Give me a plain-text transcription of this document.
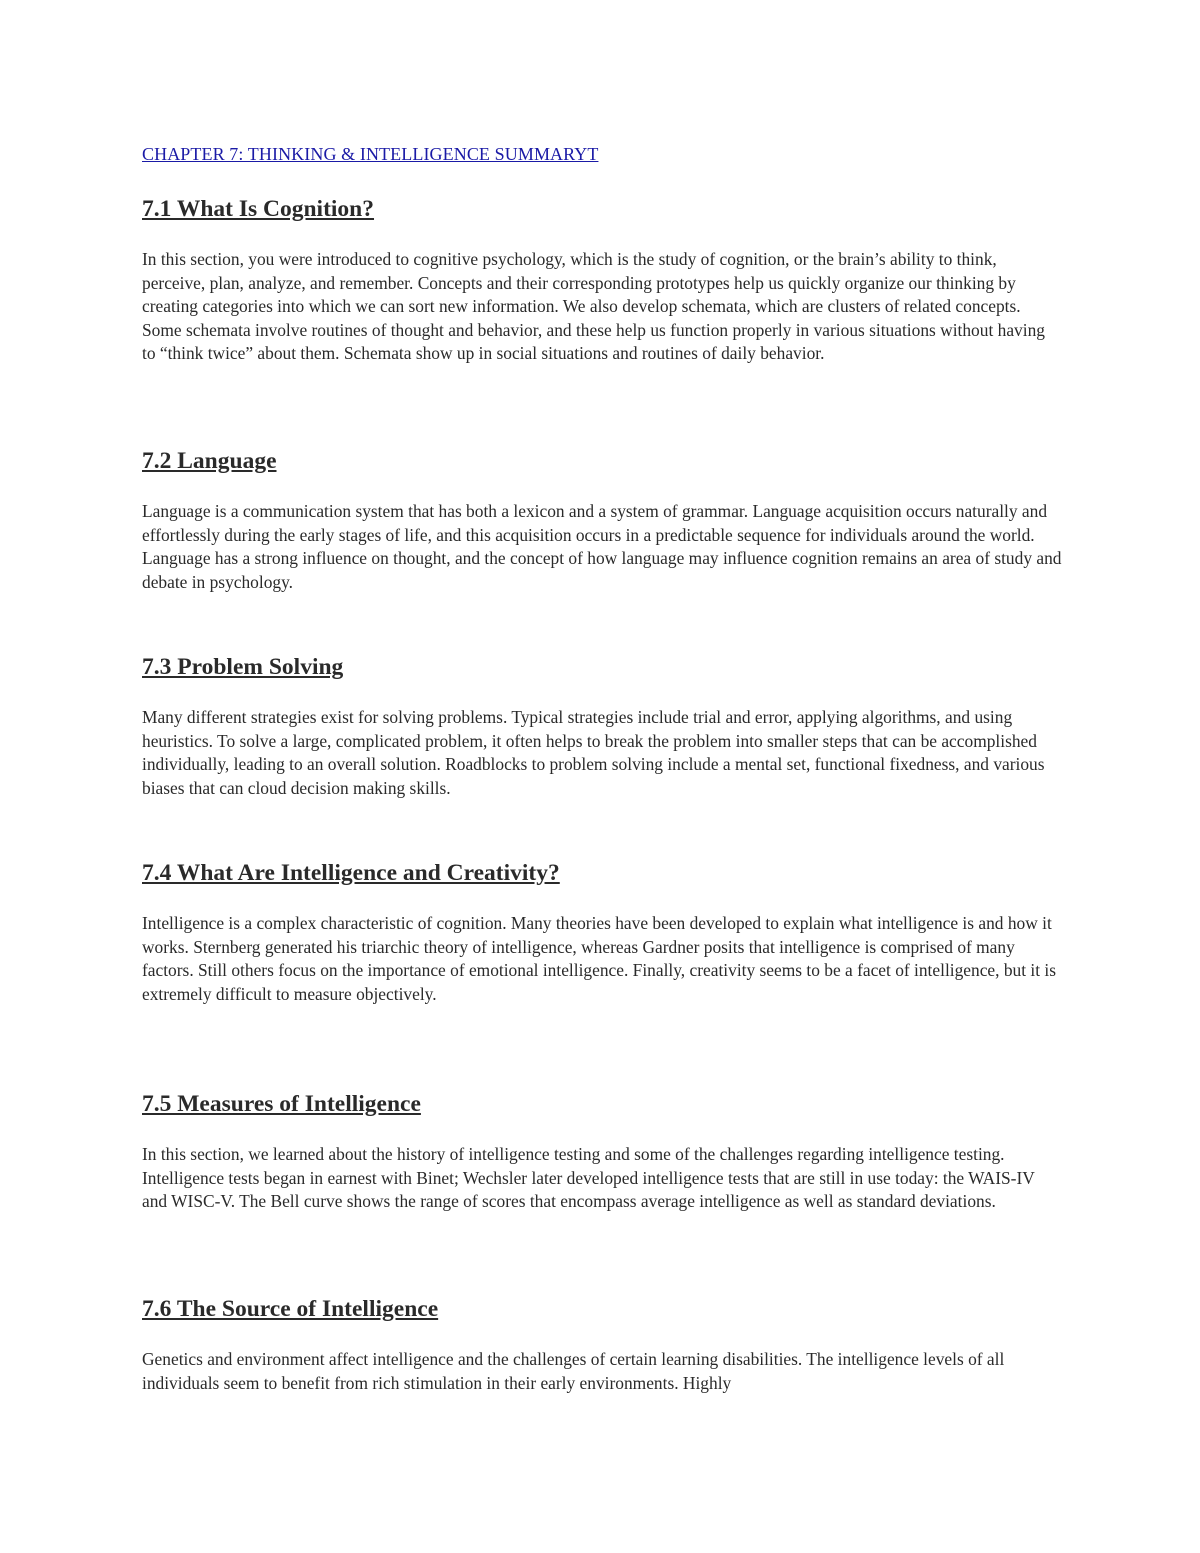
CHAPTER 7: THINKING & INTELLIGENCE SUMMARYT
7.1 What Is Cognition?

In this section, you were introduced to cognitive psychology, which is the study of cognition, or the brain’s ability to think, perceive, plan, analyze, and remember. Concepts and their corresponding prototypes help us quickly organize our thinking by creating categories into which we can sort new information. We also develop schemata, which are clusters of related concepts. Some schemata involve routines of thought and behavior, and these help us function properly in various situations without having to “think twice” about them. Schemata show up in social situations and routines of daily behavior.

7.2 Language

Language is a communication system that has both a lexicon and a system of grammar. Language acquisition occurs naturally and effortlessly during the early stages of life, and this acquisition occurs in a predictable sequence for individuals around the world. Language has a strong influence on thought, and the concept of how language may influence cognition remains an area of study and debate in psychology.

7.3 Problem Solving

Many different strategies exist for solving problems. Typical strategies include trial and error, applying algorithms, and using heuristics. To solve a large, complicated problem, it often helps to break the problem into smaller steps that can be accomplished individually, leading to an overall solution. Roadblocks to problem solving include a mental set, functional fixedness, and various biases that can cloud decision making skills.

7.4 What Are Intelligence and Creativity?

Intelligence is a complex characteristic of cognition. Many theories have been developed to explain what intelligence is and how it works. Sternberg generated his triarchic theory of intelligence, whereas Gardner posits that intelligence is comprised of many factors. Still others focus on the importance of emotional intelligence. Finally, creativity seems to be a facet of intelligence, but it is extremely difficult to measure objectively.

7.5 Measures of Intelligence

In this section, we learned about the history of intelligence testing and some of the challenges regarding intelligence testing. Intelligence tests began in earnest with Binet; Wechsler later developed intelligence tests that are still in use today: the WAIS-IV and WISC-V. The Bell curve shows the range of scores that encompass average intelligence as well as standard deviations.

7.6 The Source of Intelligence

Genetics and environment affect intelligence and the challenges of certain learning disabilities. The intelligence levels of all individuals seem to benefit from rich stimulation in their early environments. Highly
